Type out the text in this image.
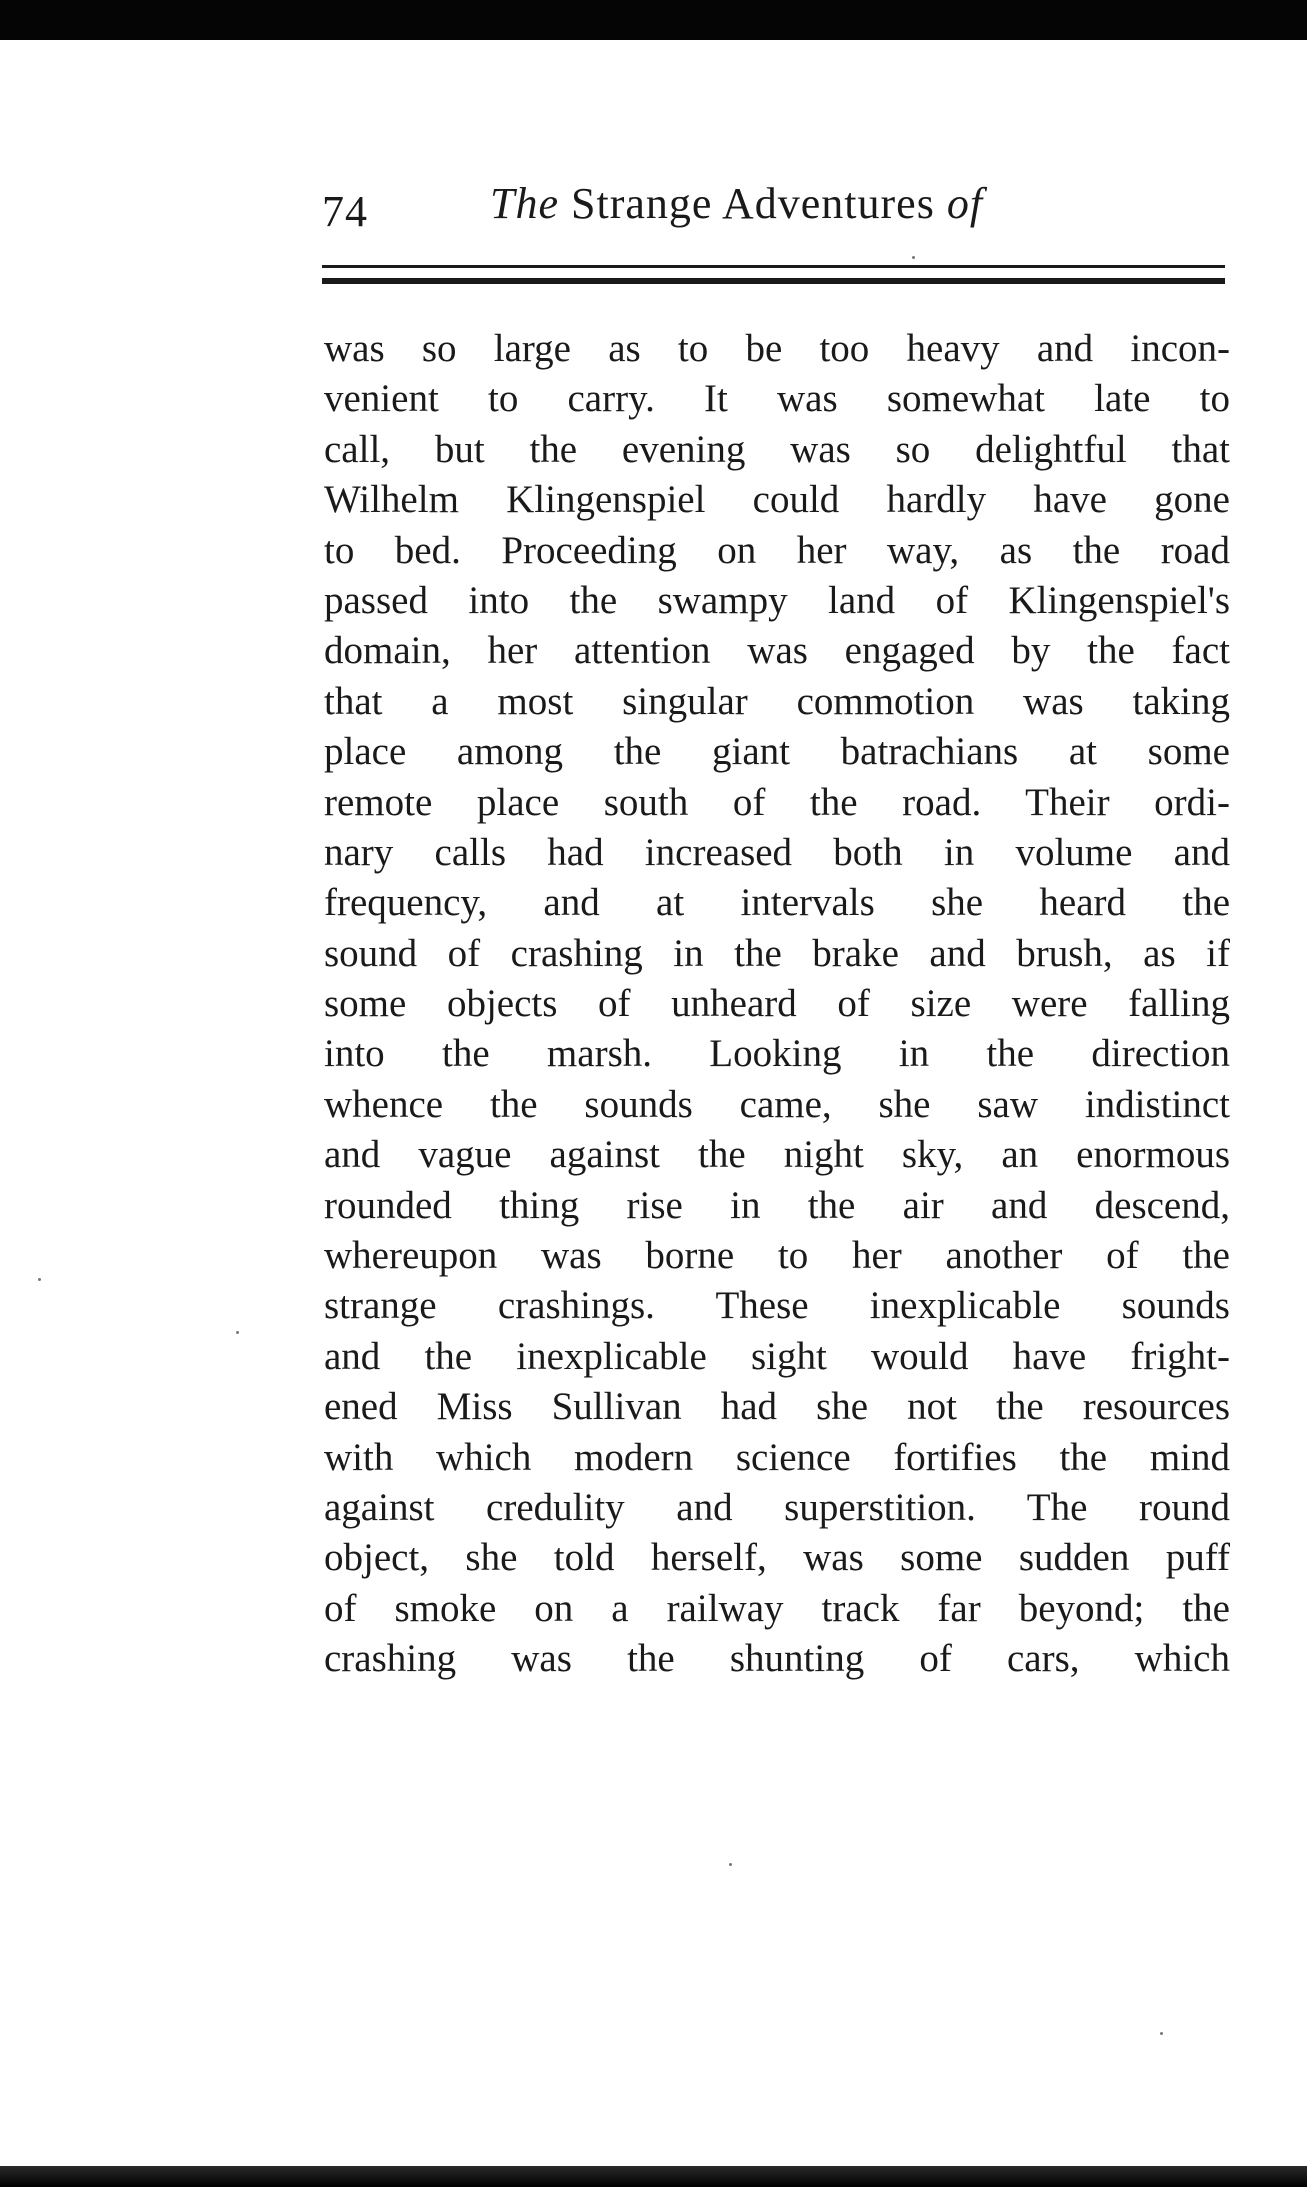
74	The Strange Adventures of
was so large as to be too heavy and incon-
venient to carry. It was somewhat late to
call, but the evening was so delightful that
Wilhelm Klingenspiel could hardly have gone
to bed. Proceeding on her way, as the road
passed into the swampy land of Klingenspiel's
domain, her attention was engaged by the fact
that a most singular commotion was taking
place among the giant batrachians at some
remote place south of the road. Their ordi-
nary calls had increased both in volume and
frequency, and at intervals she heard the
sound of crashing in the brake and brush, as if
some objects of unheard of size were falling
into the marsh. Looking in the direction
whence the sounds came, she saw indistinct
and vague against the night sky, an enormous
rounded thing rise in the air and descend,
whereupon was borne to her another of the
strange crashings. These inexplicable sounds
and the inexplicable sight would have fright-
ened Miss Sullivan had she not the resources
with which modern science fortifies the mind
against credulity and superstition. The round
object, she told herself, was some sudden puff
of smoke on a railway track far beyond; the
crashing was the shunting of cars, which
